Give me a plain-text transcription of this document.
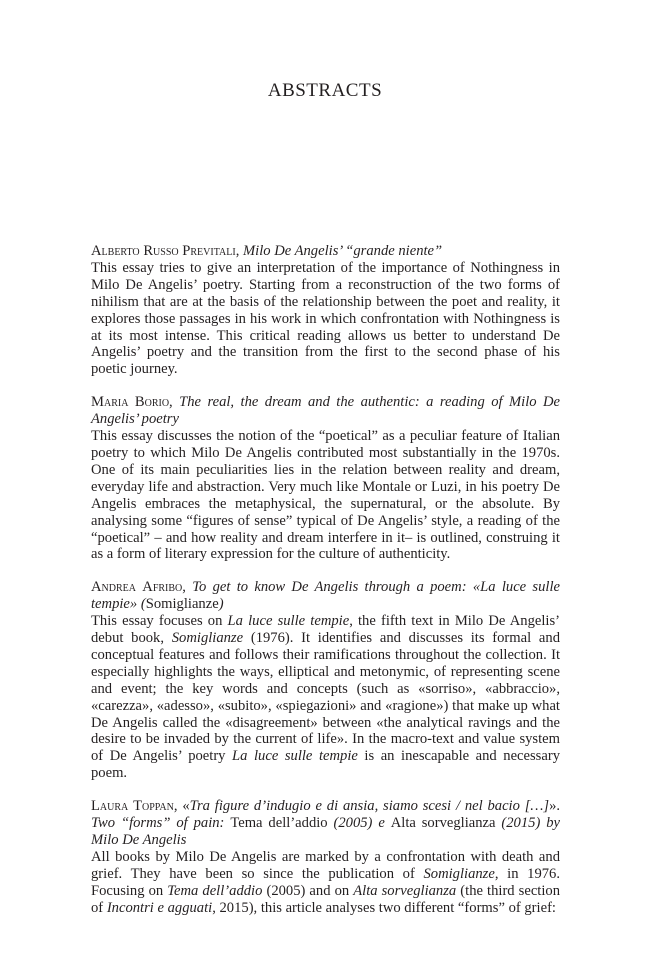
ABSTRACTS

Alberto Russo Previtali, Milo De Angelis’ “grande niente”

This essay tries to give an interpretation of the importance of Nothingness in Milo De Angelis’ poetry. Starting from a reconstruction of the two forms of nihilism that are at the basis of the relationship between the poet and reality, it explores those passages in his work in which confrontation with Nothingness is at its most intense. This critical reading allows us better to understand De Angelis’ poetry and the transition from the first to the second phase of his poetic journey.

Maria Borio, The real, the dream and the authentic: a reading of Milo De Angelis’ poetry

This essay discusses the notion of the “poetical” as a peculiar feature of Italian poetry to which Milo De Angelis contributed most substantially in the 1970s. One of its main peculiarities lies in the relation between reality and dream, everyday life and abstraction. Very much like Montale or Luzi, in his poetry De Angelis embraces the metaphysical, the supernatural, or the absolute. By analysing some “figures of sense” typical of De Angelis’ style, a reading of the “poetical” – and how reality and dream interfere in it– is outlined, construing it as a form of literary expression for the culture of authenticity.

Andrea Afribo, To get to know De Angelis through a poem: «La luce sulle tempie» (Somiglianze)

This essay focuses on La luce sulle tempie, the fifth text in Milo De Angelis’ debut book, Somiglianze (1976). It identifies and discusses its formal and conceptual features and follows their ramifications throughout the collection. It especially highlights the ways, elliptical and metonymic, of representing scene and event; the key words and concepts (such as «sorriso», «abbraccio», «carezza», «adesso», «subito», «spiegazioni» and «ragione») that make up what De Angelis called the «disagreement» between «the analytical ravings and the desire to be invaded by the current of life». In the macro-text and value system of De Angelis’ poetry La luce sulle tempie is an inescapable and necessary poem.

Laura Toppan, «Tra figure d’indugio e di ansia, siamo scesi / nel bacio […]». Two “forms” of pain: Tema dell’addio (2005) e Alta sorveglianza (2015) by Milo De Angelis

All books by Milo De Angelis are marked by a confrontation with death and grief. They have been so since the publication of Somiglianze, in 1976. Focusing on Tema dell’addio (2005) and on Alta sorveglianza (the third section of Incontri e agguati, 2015), this article analyses two different “forms” of grief:
